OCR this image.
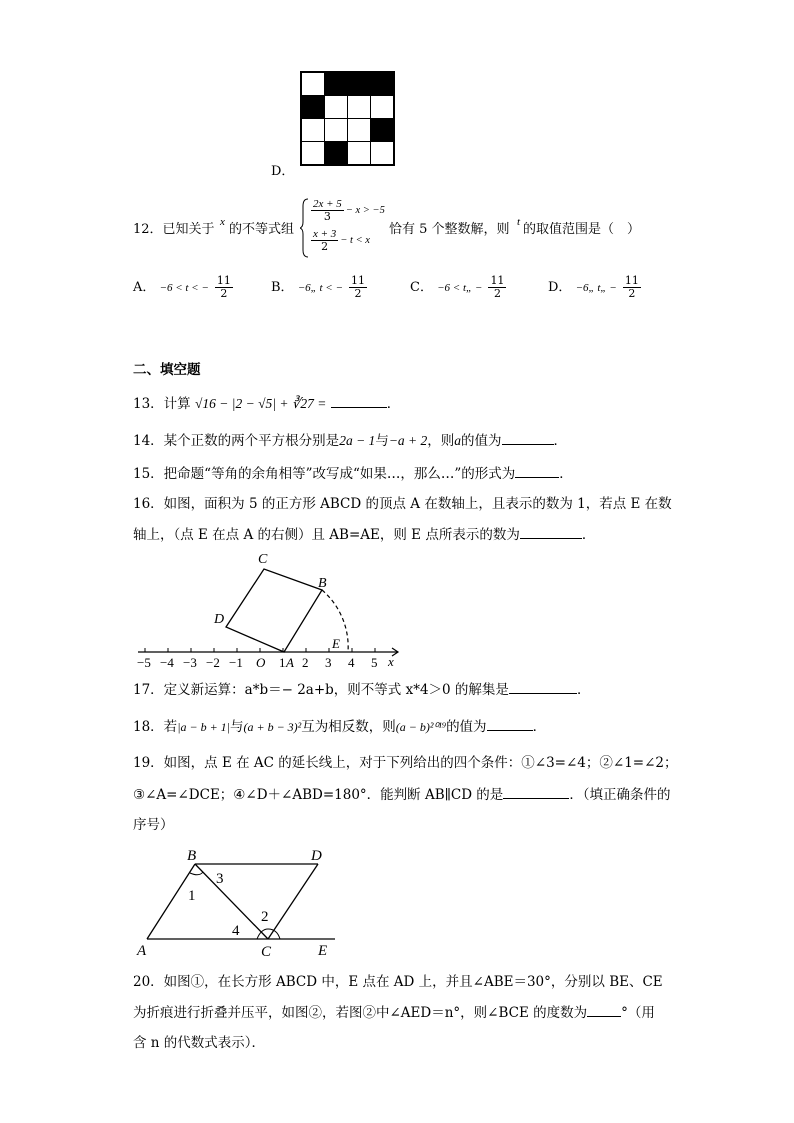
D．
12．已知关于 x 的不等式组
$\frac{2x + 5}{3} - x > -5$
$\frac{x + 3}{2} - t < x$
恰有 5 个整数解，则 t 的取值范围是（　）
A． −6 < t < − $\frac{11}{2}$	B． −6„ t < − $\frac{11}{2}$	C． −6 < t„ − $\frac{11}{2}$	D． −6„ t„ − $\frac{11}{2}$
二、填空题
13．计算 √16 − |2 − √5| + ∛27 =	．
14．某个正数的两个平方根分别是2a − 1与−a + 2，则a的值为	．
15．把命题“等角的余角相等”改写成“如果…，那么…”的形式为	．
16．如图，面积为 5 的正方形 ABCD 的顶点 A 在数轴上，且表示的数为 1，若点 E 在数
轴上，（点 E 在点 A 的右侧）且 AB=AE，则 E 点所表示的数为	．
−5 −4 −3 −2 −1 O 1 2 3 4 5
A
C
B
D
E
x
17．定义新运算：a*b＝− 2a+b，则不等式 x*4＞0 的解集是	．
18．若|a − b + 1|与(a + b − 3)²互为相反数，则(a − b)²⁰¹⁹的值为	．
19．如图，点 E 在 AC 的延长线上，对于下列给出的四个条件：①∠3=∠4；②∠1=∠2；
③∠A=∠DCE；④∠D＋∠ABD=180°．能判断 AB∥CD 的是	．（填正确条件的
序号）
B	D
A	C	E
1
3
4
2
20．如图①，在长方形 ABCD 中，E 点在 AD 上，并且∠ABE＝30°，分别以 BE、CE
为折痕进行折叠并压平，如图②，若图②中∠AED＝n°，则∠BCE 的度数为	°（用
含 n 的代数式表示）．
